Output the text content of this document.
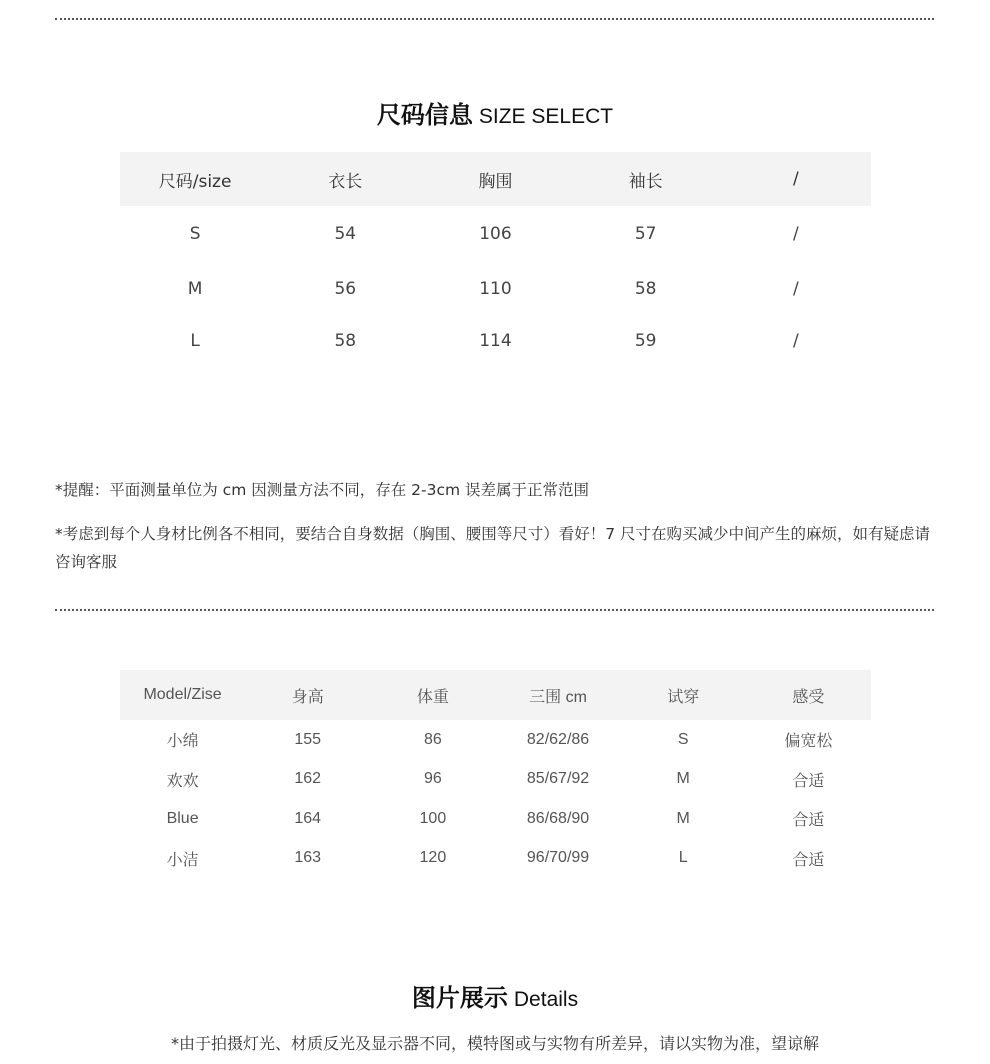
尺码信息 SIZE SELECT
尺码/size	衣长	胸围	袖长	/
S	54	106	57	/
M	56	110	58	/
L	58	114	59	/
*提醒：平面测量单位为 cm 因测量方法不同，存在 2-3cm 误差属于正常范围
*考虑到每个人身材比例各不相同，要结合自身数据（胸围、腰围等尺寸）看好！7 尺寸在购买减少中间产生的麻烦，如有疑虑请咨询客服
Model/Zise	身高	体重	三围 cm	试穿	感受
小绵	155	86	82/62/86	S	偏宽松
欢欢	162	96	85/67/92	M	合适
Blue	164	100	86/68/90	M	合适
小洁	163	120	96/70/99	L	合适
图片展示 Details
*由于拍摄灯光、材质反光及显示器不同，模特图或与实物有所差异，请以实物为准，望谅解
